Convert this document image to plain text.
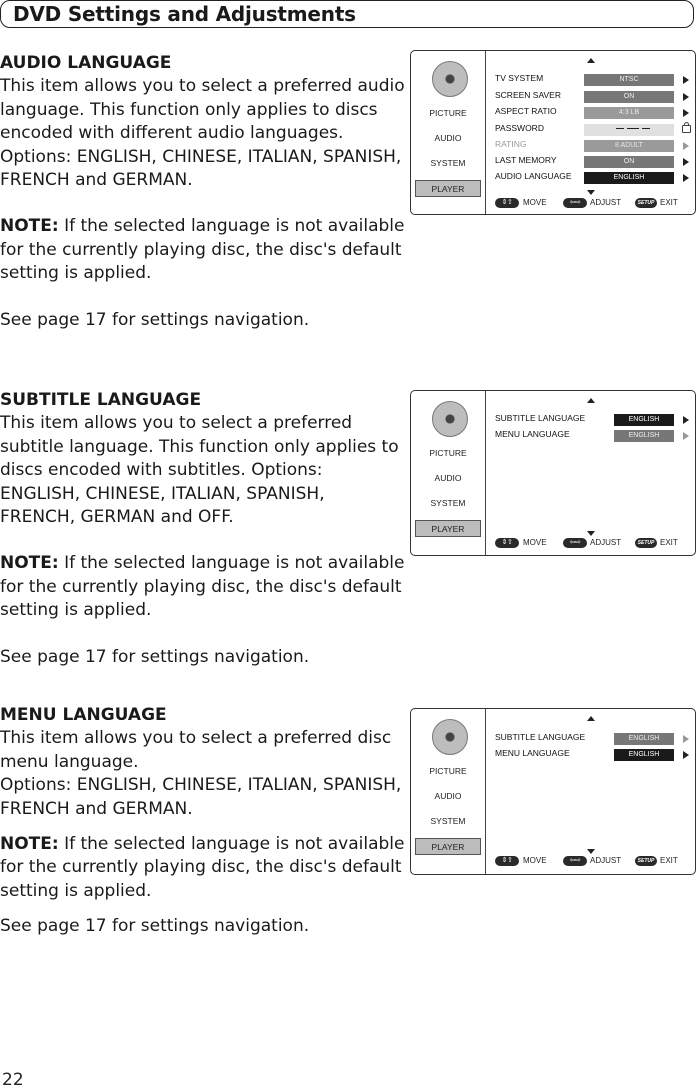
DVD Settings and Adjustments

AUDIO LANGUAGE

This item allows you to select a preferred audio language. This function only applies to discs encoded with different audio languages.

Options: ENGLISH, CHINESE, ITALIAN, SPANISH, FRENCH and GERMAN.

NOTE: If the selected language is not available for the currently playing disc, the disc's default setting is applied.

See page 17 for settings navigation.

SUBTITLE LANGUAGE

This item allows you to select a preferred subtitle language. This function only applies to discs encoded with subtitles. Options: ENGLISH, CHINESE, ITALIAN, SPANISH, FRENCH, GERMAN and OFF.

NOTE: If the selected language is not available for the currently playing disc, the disc's default setting is applied.

See page 17 for settings navigation.

MENU LANGUAGE

This item allows you to select a preferred disc menu language.

Options: ENGLISH, CHINESE, ITALIAN, SPANISH, FRENCH and GERMAN.

NOTE: If the selected language is not available for the currently playing disc, the disc's default setting is applied.

See page 17 for settings navigation.

PICTURE
AUDIO
SYSTEM
PLAYER
TV SYSTEM	NTSC
SCREEN SAVER	ON
ASPECT RATIO	4:3 LB
PASSWORD
RATING	8 ADULT
LAST MEMORY	ON
AUDIO LANGUAGE	ENGLISH
⇕⇧	MOVE	⇦⇨	ADJUST	SETUP EXIT
PICTURE
AUDIO
SYSTEM
PLAYER
SUBTITLE LANGUAGE	ENGLISH
MENU LANGUAGE	ENGLISH
⇕⇧	MOVE	⇦⇨	ADJUST	SETUP EXIT
PICTURE
AUDIO
SYSTEM
PLAYER
SUBTITLE LANGUAGE	ENGLISH
MENU LANGUAGE	ENGLISH
⇕⇧	MOVE	⇦⇨	ADJUST	SETUP EXIT
22
